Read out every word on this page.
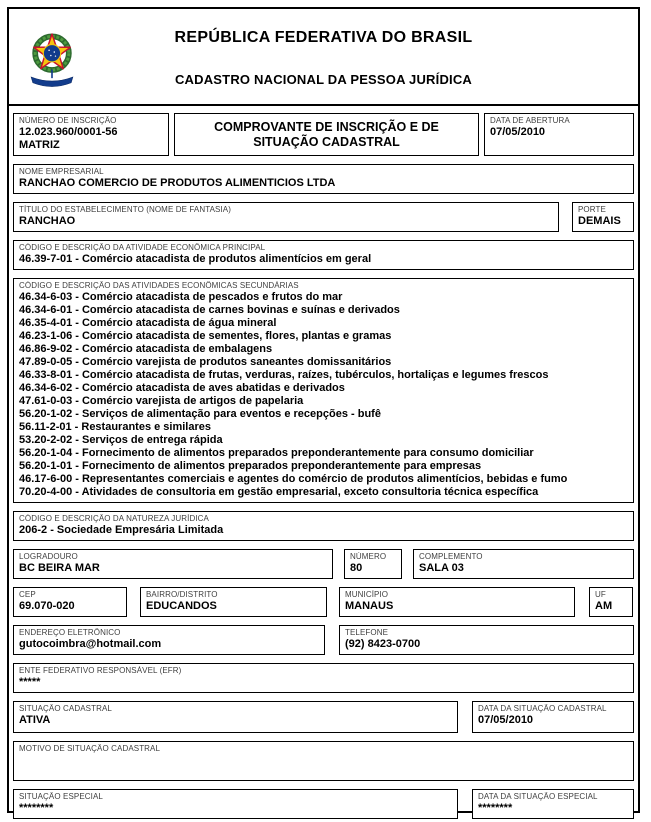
REPÚBLICA FEDERATIVA DO BRASIL
CADASTRO NACIONAL DA PESSOA JURÍDICA
NÚMERO DE INSCRIÇÃO
12.023.960/0001-56
MATRIZ
COMPROVANTE DE INSCRIÇÃO E DE SITUAÇÃO CADASTRAL
DATA DE ABERTURA
07/05/2010
NOME EMPRESARIAL
RANCHAO COMERCIO DE PRODUTOS ALIMENTICIOS LTDA
TÍTULO DO ESTABELECIMENTO (NOME DE FANTASIA)
RANCHAO
PORTE
DEMAIS
CÓDIGO E DESCRIÇÃO DA ATIVIDADE ECONÔMICA PRINCIPAL
46.39-7-01 - Comércio atacadista de produtos alimentícios em geral
CÓDIGO E DESCRIÇÃO DAS ATIVIDADES ECONÔMICAS SECUNDÁRIAS
46.34-6-03 - Comércio atacadista de pescados e frutos do mar
46.34-6-01 - Comércio atacadista de carnes bovinas e suínas e derivados
46.35-4-01 - Comércio atacadista de água mineral
46.23-1-06 - Comércio atacadista de sementes, flores, plantas e gramas
46.86-9-02 - Comércio atacadista de embalagens
47.89-0-05 - Comércio varejista de produtos saneantes domissanitários
46.33-8-01 - Comércio atacadista de frutas, verduras, raízes, tubérculos, hortaliças e legumes frescos
46.34-6-02 - Comércio atacadista de aves abatidas e derivados
47.61-0-03 - Comércio varejista de artigos de papelaria
56.20-1-02 - Serviços de alimentação para eventos e recepções - bufê
56.11-2-01 - Restaurantes e similares
53.20-2-02 - Serviços de entrega rápida
56.20-1-04 - Fornecimento de alimentos preparados preponderantemente para consumo domiciliar
56.20-1-01 - Fornecimento de alimentos preparados preponderantemente para empresas
46.17-6-00 - Representantes comerciais e agentes do comércio de produtos alimentícios, bebidas e fumo
70.20-4-00 - Atividades de consultoria em gestão empresarial, exceto consultoria técnica específica
CÓDIGO E DESCRIÇÃO DA NATUREZA JURÍDICA
206-2 - Sociedade Empresária Limitada
LOGRADOURO
BC BEIRA MAR
NÚMERO
80
COMPLEMENTO
SALA 03
CEP
69.070-020
BAIRRO/DISTRITO
EDUCANDOS
MUNICÍPIO
MANAUS
UF
AM
ENDEREÇO ELETRÔNICO
gutocoimbra@hotmail.com
TELEFONE
(92) 8423-0700
ENTE FEDERATIVO RESPONSÁVEL (EFR)
*****
SITUAÇÃO CADASTRAL
ATIVA
DATA DA SITUAÇÃO CADASTRAL
07/05/2010
MOTIVO DE SITUAÇÃO CADASTRAL
SITUAÇÃO ESPECIAL
********
DATA DA SITUAÇÃO ESPECIAL
********
